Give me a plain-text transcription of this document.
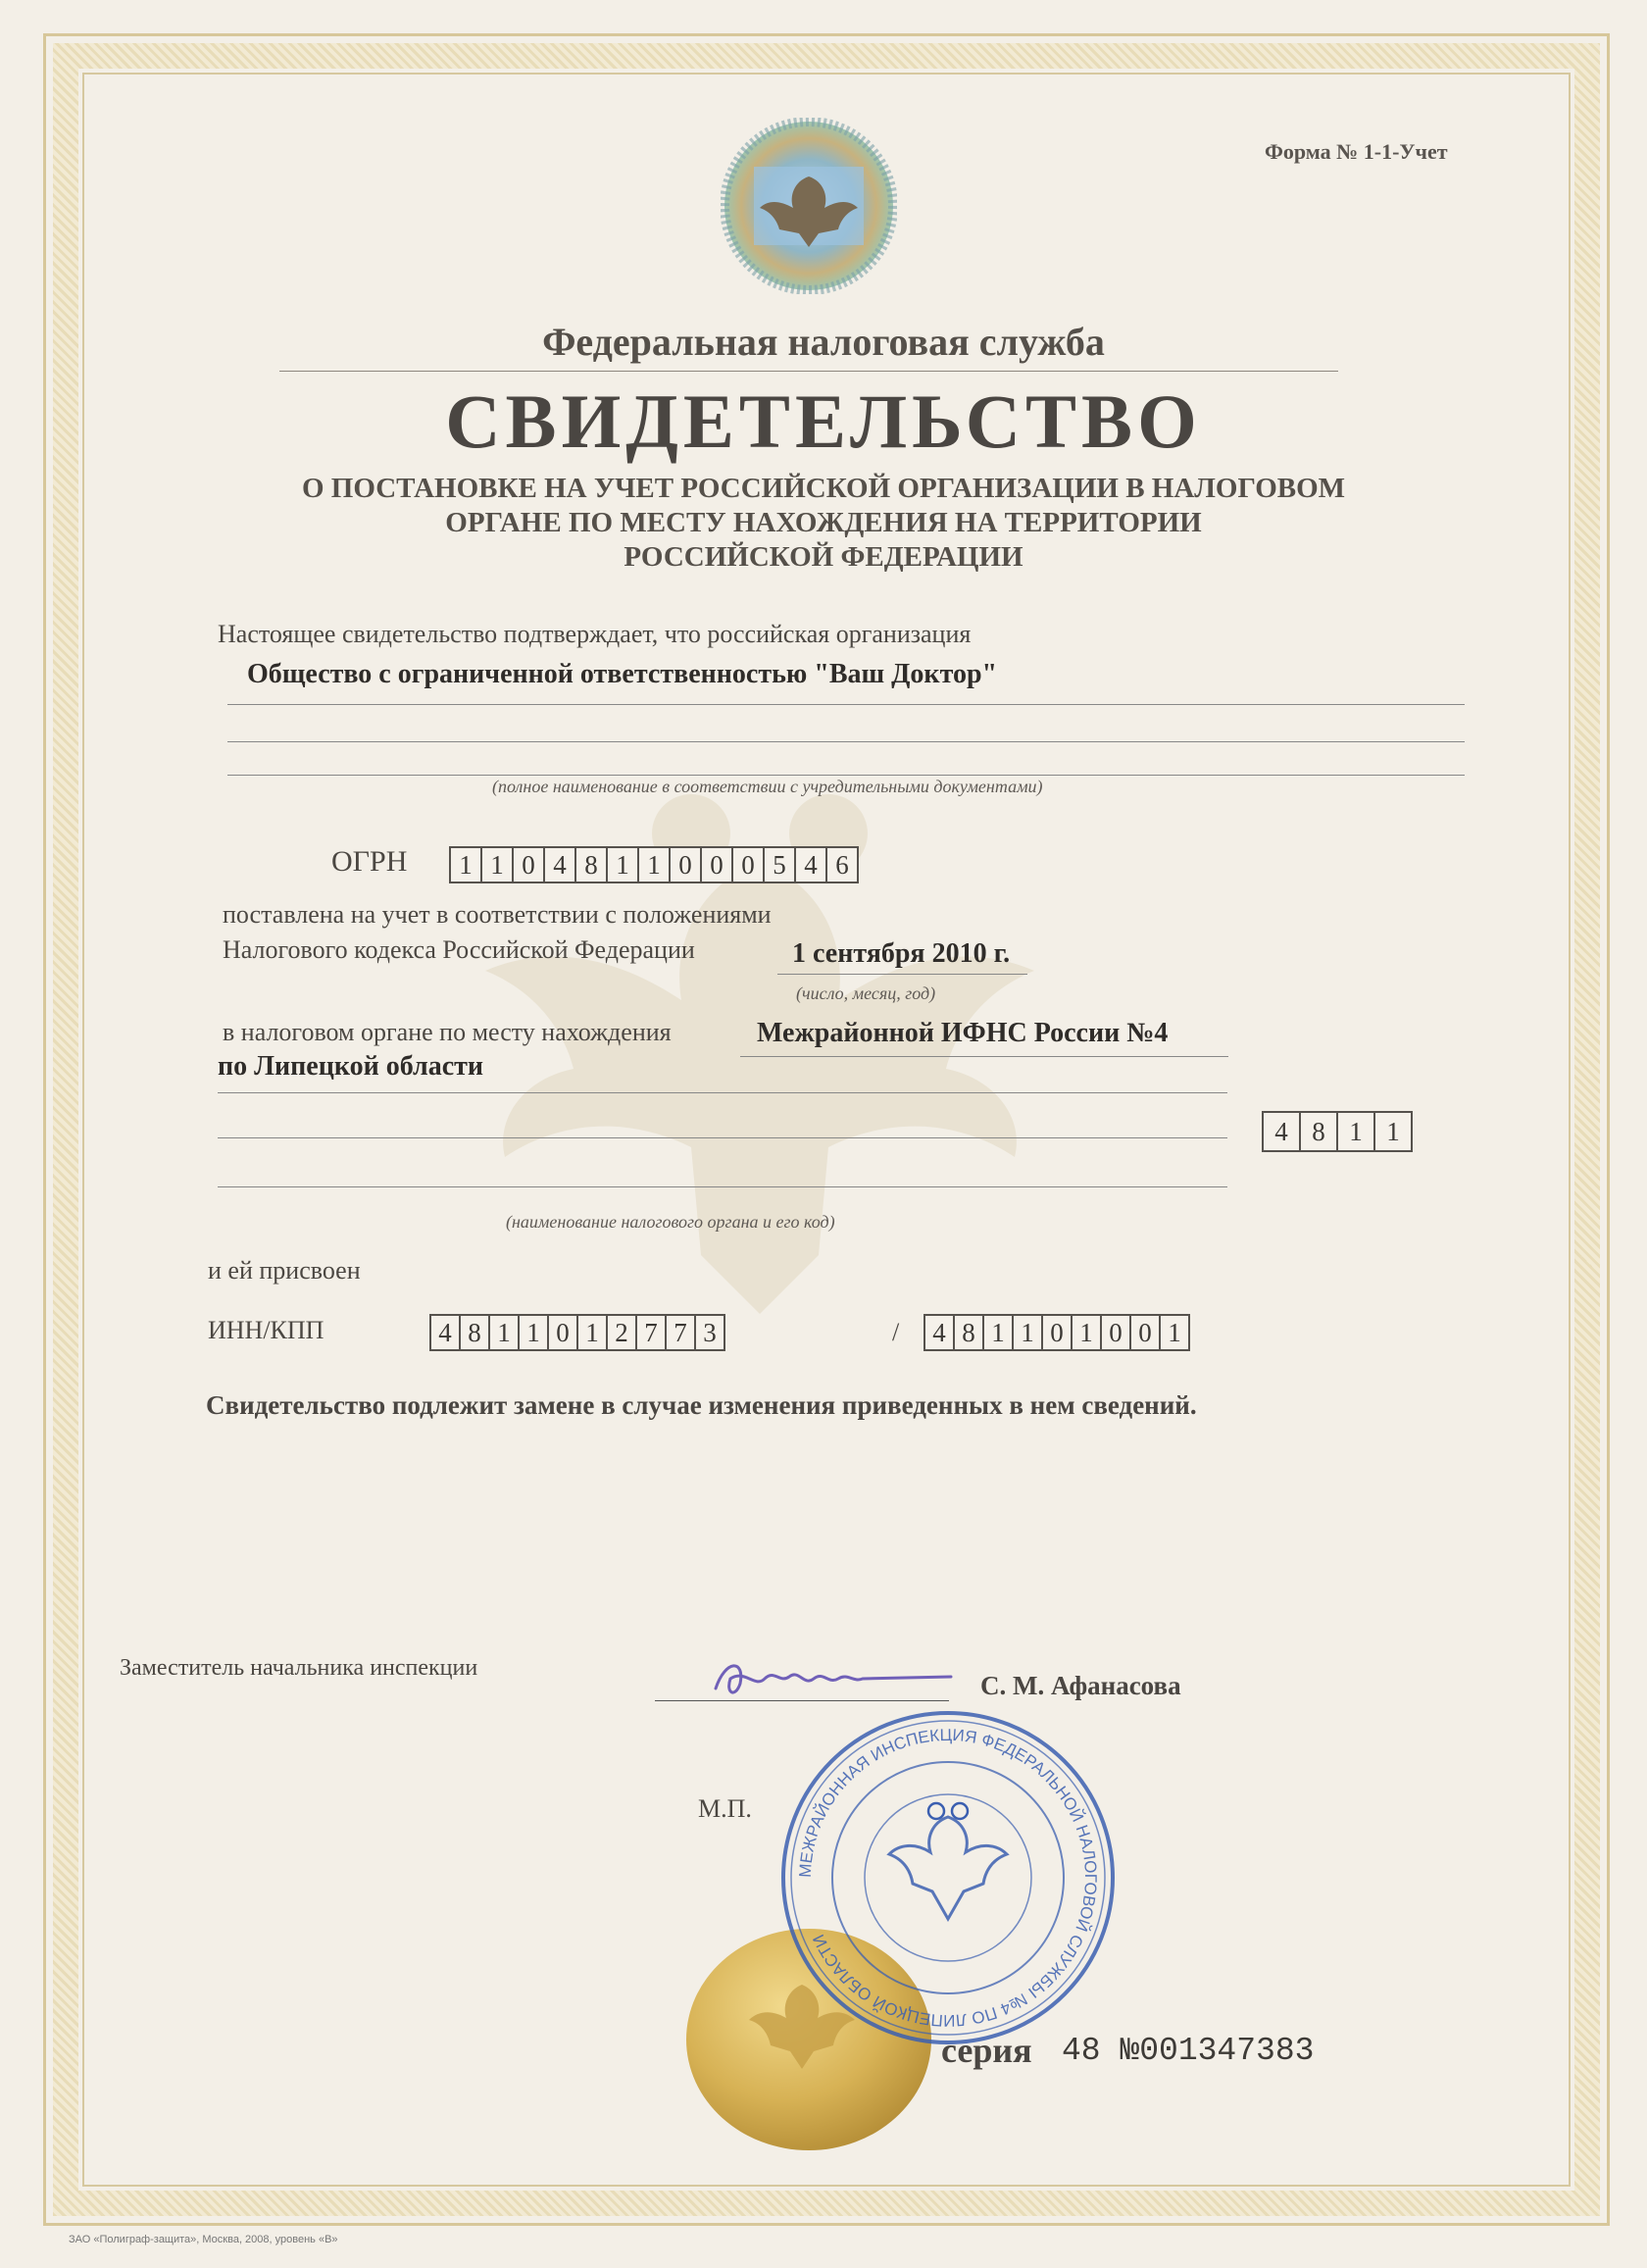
Форма № 1-1-Учет
Федеральная налоговая служба
СВИДЕТЕЛЬСТВО
О ПОСТАНОВКЕ НА УЧЕТ РОССИЙСКОЙ ОРГАНИЗАЦИИ В НАЛОГОВОМ
ОРГАНЕ ПО МЕСТУ НАХОЖДЕНИЯ НА ТЕРРИТОРИИ
РОССИЙСКОЙ ФЕДЕРАЦИИ
Настоящее свидетельство подтверждает, что российская организация
Общество с ограниченной ответственностью "Ваш Доктор"
(полное наименование в соответствии с учредительными документами)
ОГРН	1 1 0 4 8 1 1 0 0 0 5 4 6
поставлена на учет в соответствии с положениями
Налогового кодекса Российской Федерации	1 сентября 2010 г.
(число, месяц, год)
в налоговом органе по месту нахождения	Межрайонной ИФНС России №4
по Липецкой области
4 8 1 1
(наименование налогового органа и его код)
и ей присвоен
ИНН/КПП	4 8 1 1 0 1 2 7 7 3	/ 4 8 1 1 0 1 0 0 1
Свидетельство подлежит замене в случае изменения приведенных в нем сведений.
Заместитель начальника инспекции
С. М. Афанасова
М.П.
МЕЖРАЙОННАЯ ИНСПЕКЦИЯ ФЕДЕРАЛЬНОЙ НАЛОГОВОЙ СЛУЖБЫ №4 ПО ЛИПЕЦКОЙ ОБЛАСТИ
серия 48 №001347383
ЗАО «Полиграф-защита», Москва, 2008, уровень «В»
